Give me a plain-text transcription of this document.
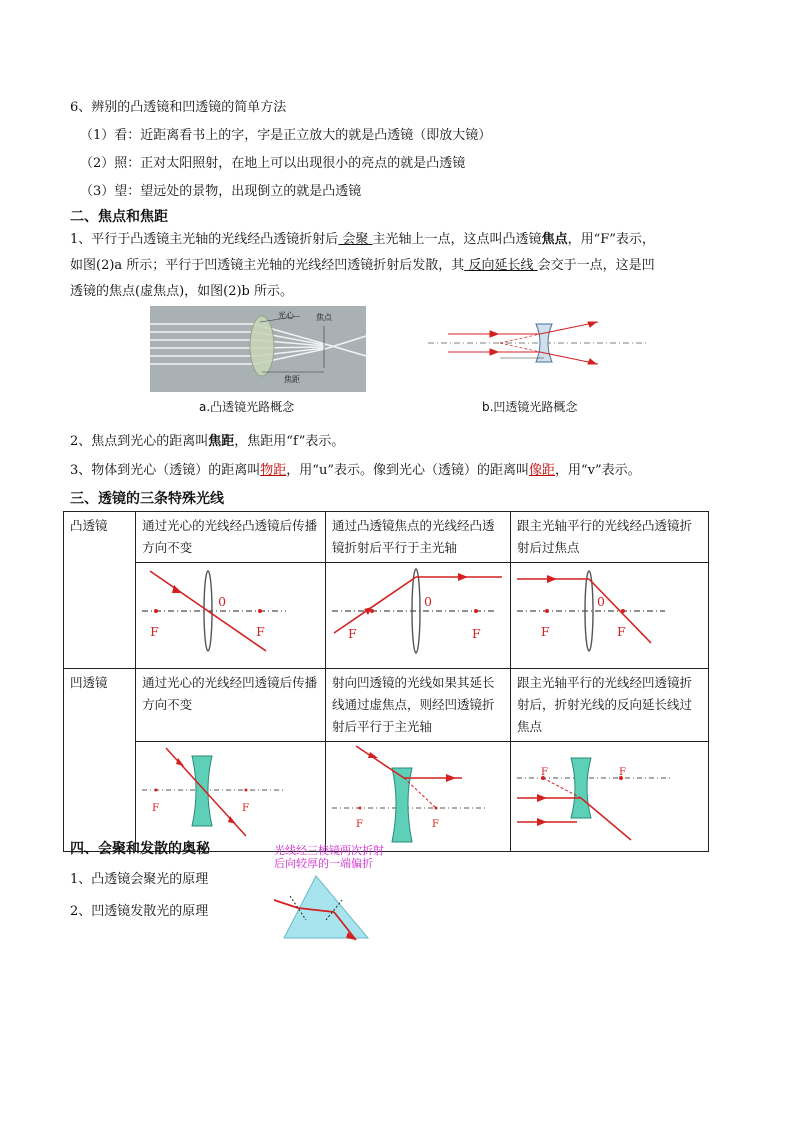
6、辨别的凸透镜和凹透镜的简单方法
（1）看：近距离看书上的字，字是正立放大的就是凸透镜（即放大镜）
（2）照：正对太阳照射，在地上可以出现很小的亮点的就是凸透镜
（3）望：望远处的景物，出现倒立的就是凸透镜
二、焦点和焦距
1、平行于凸透镜主光轴的光线经凸透镜折射后 会聚 主光轴上一点，这点叫凸透镜焦点，用“F”表示，
如图(2)a 所示；平行于凹透镜主光轴的光线经凹透镜折射后发散，其 反向延长线 会交于一点，这是凹
透镜的焦点(虚焦点)，如图(2)b 所示。
光心	焦点
焦距
a.凸透镜光路概念	b.凹透镜光路概念
2、焦点到光心的距离叫焦距，焦距用“f”表示。
3、物体到光心（透镜）的距离叫物距，用“u”表示。像到光心（透镜）的距离叫像距，用“v”表示。
三、透镜的三条特殊光线
凸透镜	通过光心的光线经凸透镜后传播方向不变	通过凸透镜焦点的光线经凸透镜折射后平行于主光轴	跟主光轴平行的光线经凸透镜折射后过焦点

	F F
0	F F
0	F F
0

凹透镜	通过光心的光线经凹透镜后传播方向不变	射向凹透镜的光线如果其延长线通过虚焦点，则经凹透镜折射后平行于主光轴	跟主光轴平行的光线经凹透镜折射后，折射光线的反向延长线过焦点

	F F	F F	F F
四、会聚和发散的奥秘
1、凸透镜会聚光的原理
2、凹透镜发散光的原理
光线经三棱镜两次折射
后向较厚的一端偏折
